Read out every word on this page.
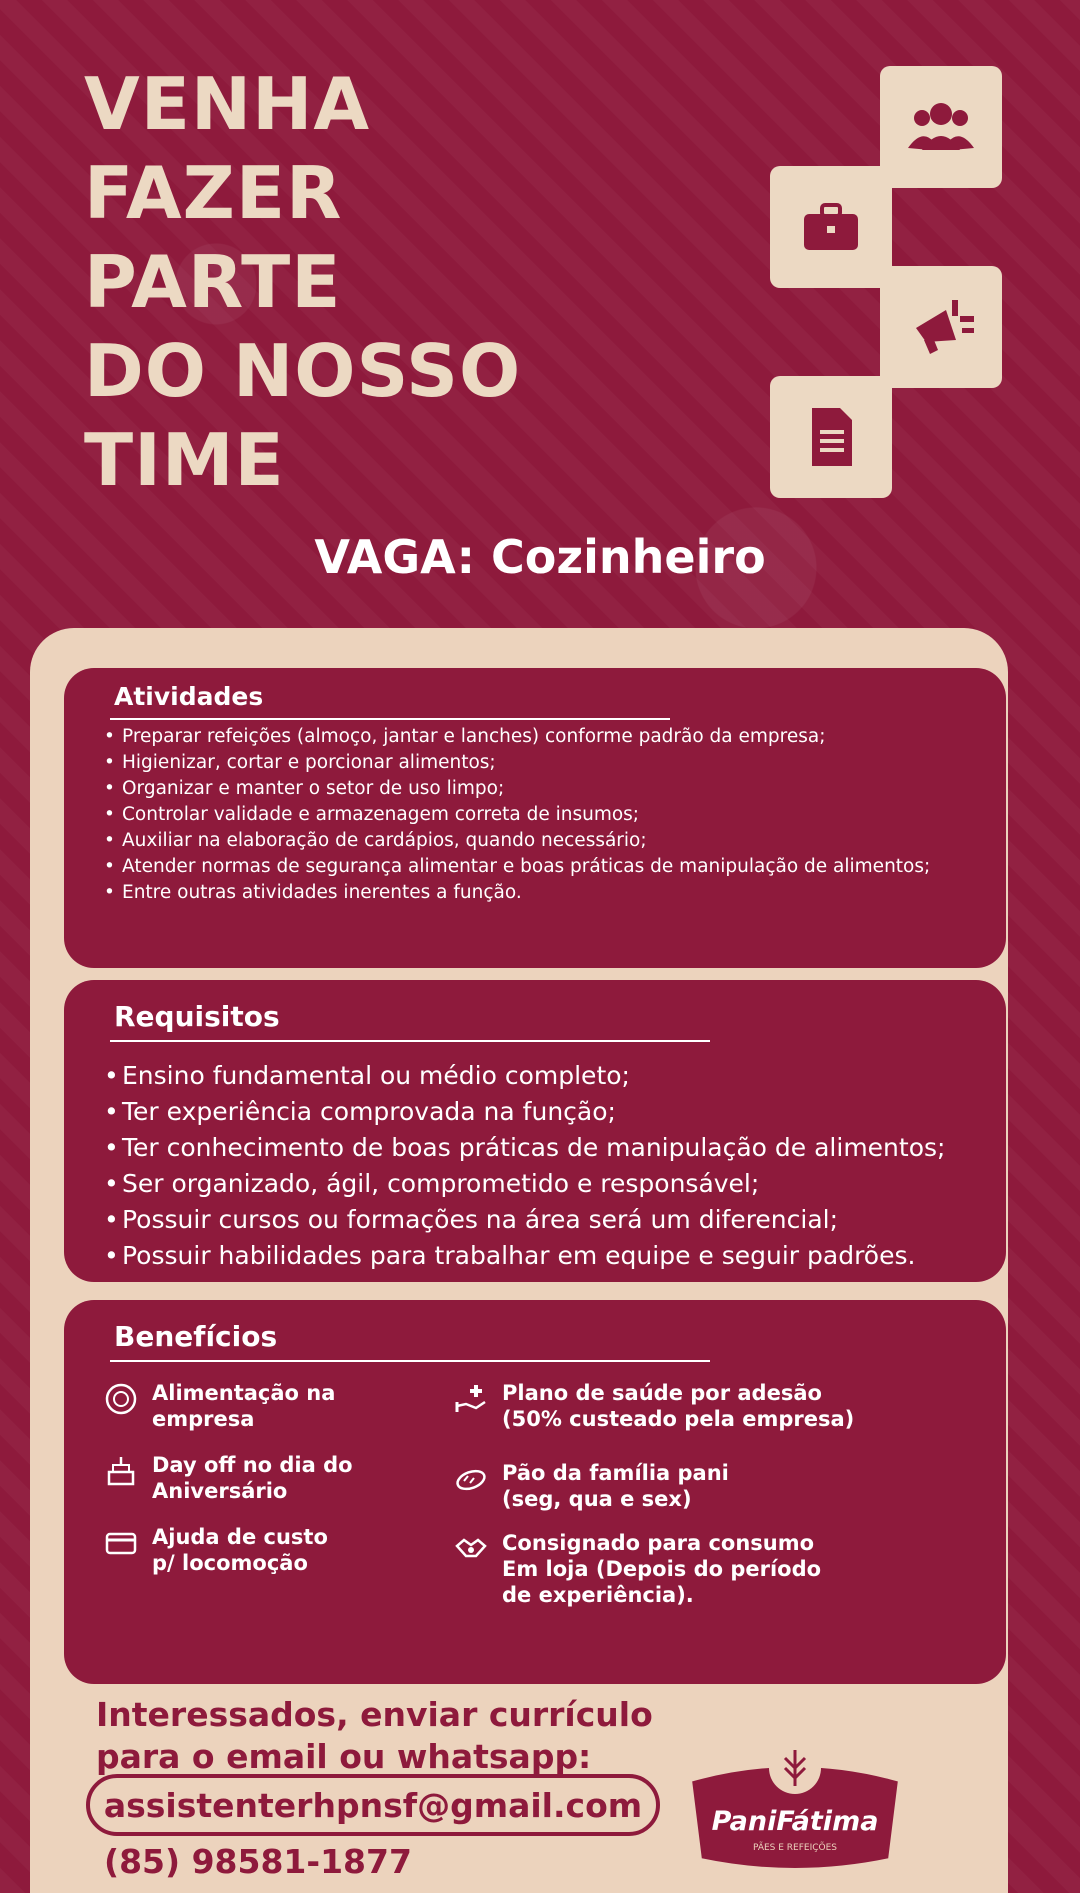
VENHA
FAZER
PARTE
DO NOSSO
TIME
VAGA: Cozinheiro
Atividades
• Preparar refeições (almoço, jantar e lanches) conforme padrão da empresa;
• Higienizar, cortar e porcionar alimentos;
• Organizar e manter o setor de uso limpo;
• Controlar validade e armazenagem correta de insumos;
• Auxiliar na elaboração de cardápios, quando necessário;
• Atender normas de segurança alimentar e boas práticas de manipulação de alimentos;
• Entre outras atividades inerentes a função.
Requisitos
• Ensino fundamental ou médio completo;
• Ter experiência comprovada na função;
• Ter conhecimento de boas práticas de manipulação de alimentos;
• Ser organizado, ágil, comprometido e responsável;
• Possuir cursos ou formações na área será um diferencial;
• Possuir habilidades para trabalhar em equipe e seguir padrões.
Benefícios
Alimentação na
empresa
Day off no dia do
Aniversário
Ajuda de custo
p/ locomoção
Plano de saúde por adesão
(50% custeado pela empresa)
Pão da família pani
(seg, qua e sex)
Consignado para consumo
Em loja (Depois do período
de experiência).
Interessados, enviar currículo
para o email ou whatsapp:
assistenterhpnsf@gmail.com
(85) 98581-1877
PaniFátima
PÃES E REFEIÇÕES
